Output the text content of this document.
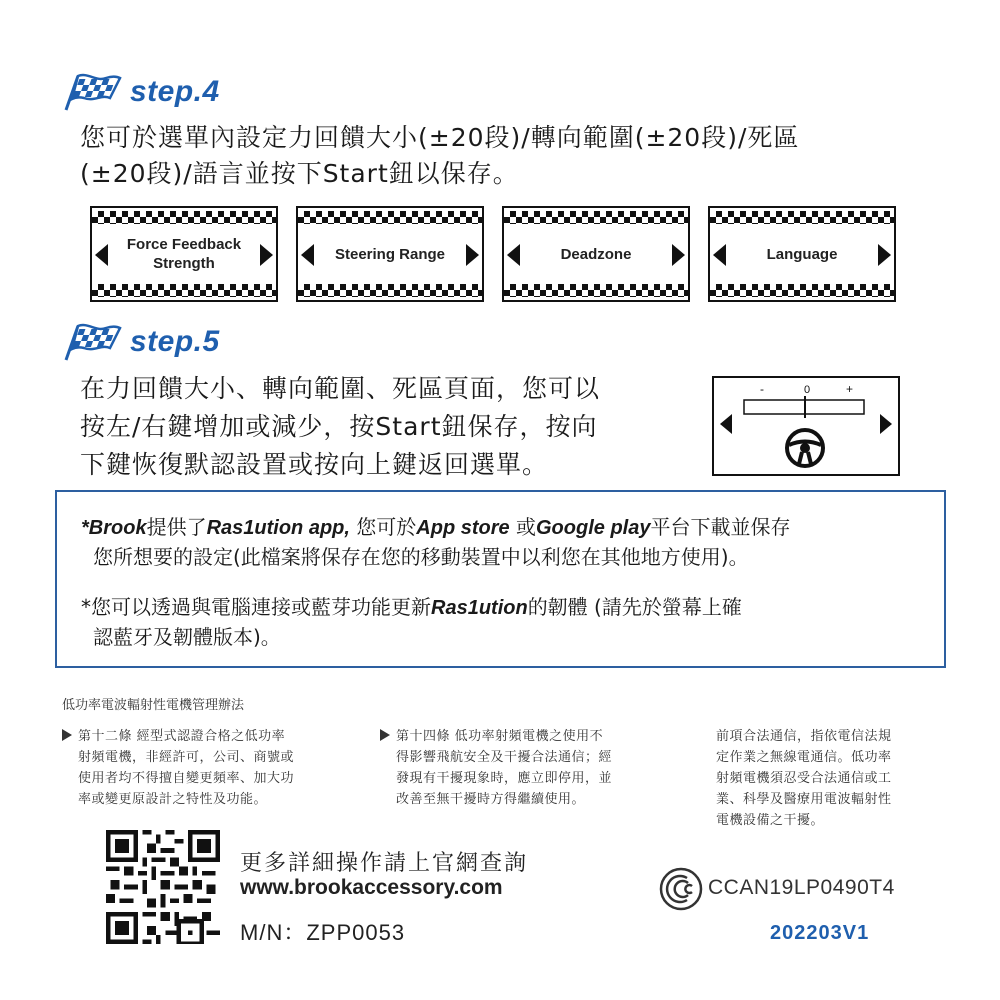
step.4
您可於選單內設定力回饋大小(±20段)/轉向範圍(±20段)/死區
(±20段)/語言並按下Start鈕以保存。
Force Feedback
Strength
Steering Range	Deadzone	Language
step.5
在力回饋大小、轉向範圍、死區頁面，您可以
按左/右鍵增加或減少，按Start鈕保存，按向
下鍵恢復默認設置或按向上鍵返回選單。
-	0	+
*Brook提供了Ras1ution app, 您可於App store 或Google play平台下載並保存
您所想要的設定(此檔案將保存在您的移動裝置中以利您在其他地方使用)。
*您可以透過與電腦連接或藍芽功能更新Ras1ution的韌體 (請先於螢幕上確
認藍牙及韌體版本)。
低功率電波輻射性電機管理辦法
第十二條 經型式認證合格之低功率
射頻電機，非經許可，公司、商號或
使用者均不得擅自變更頻率、加大功
率或變更原設計之特性及功能。
第十四條 低功率射頻電機之使用不
得影響飛航安全及干擾合法通信；經
發現有干擾現象時，應立即停用，並
改善至無干擾時方得繼續使用。
前項合法通信，指依電信法規
定作業之無線電通信。低功率
射頻電機須忍受合法通信或工
業、科學及醫療用電波輻射性
電機設備之干擾。
更多詳細操作請上官網查詢
www.brookaccessory.com
M/N：ZPP0053
CCAN19LP0490T4
202203V1
